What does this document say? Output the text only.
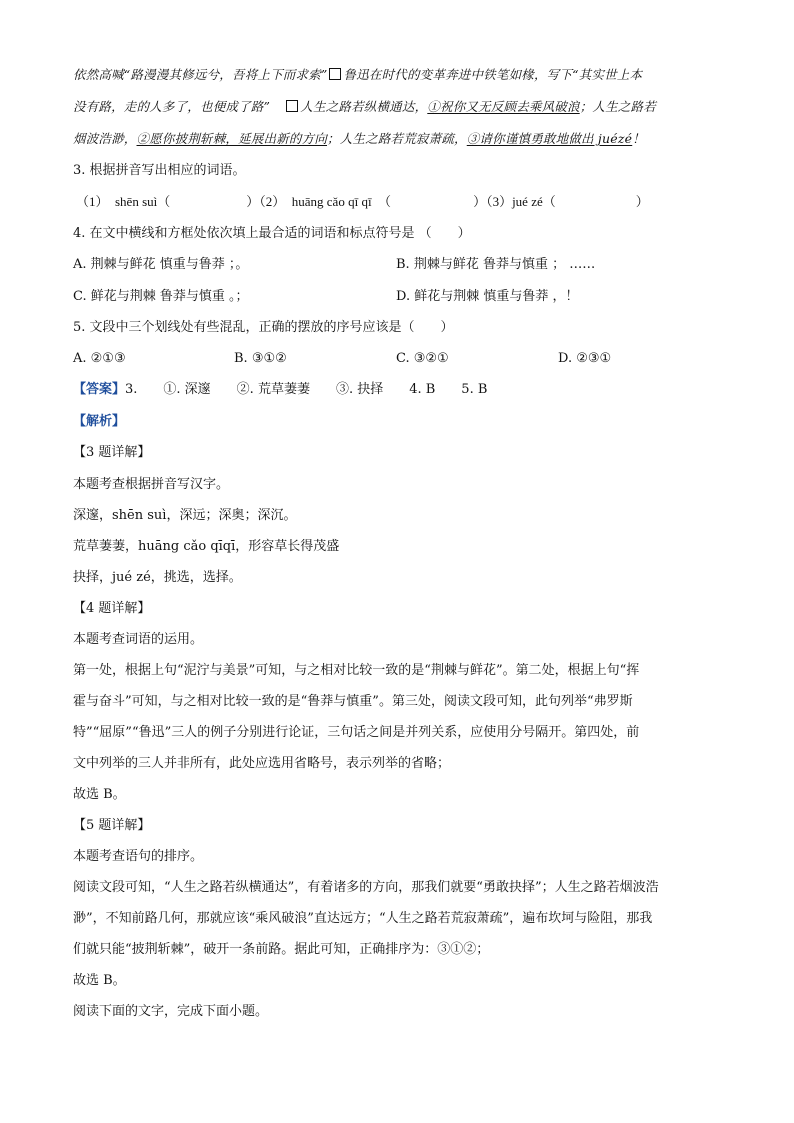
依然高喊“路漫漫其修远兮，吾将上下而求索” 鲁迅在时代的变革奔进中铁笔如椽，写下“其实世上本
没有路，走的人多了，也便成了路” 人生之路若纵横通达，①祝你又无反顾去乘风破浪；人生之路若
烟波浩渺，②愿你披荆斩棘，延展出新的方向；人生之路若荒寂萧疏，③请你谨慎勇敢地做出 juézé！
3. 根据拼音写出相应的词语。
（1）　shēn suì（	）（2）　huāng cǎo qī qī　（	）（3）jué zé（	）
4. 在文中横线和方框处依次填上最合适的词语和标点符号是 （　　）
A. 荆棘与鲜花 慎重与鲁莽 ；。	B. 荆棘与鲜花 鲁莽与慎重 ； ……
C. 鲜花与荆棘 鲁莽与慎重 。；	D. 鲜花与荆棘 慎重与鲁莽 ，！
5. 文段中三个划线处有些混乱，正确的摆放的序号应该是（　　）
A. ②①③	B. ③①②	C. ③②①	D. ②③①
【答案】3.　　①. 深邃　　②. 荒草萋萋　　③. 抉择　　4. B　　5. B
【解析】
【3 题详解】
本题考查根据拼音写汉字。
深邃，shēn suì，深远；深奥；深沉。
荒草萋萋，huāng cǎo qīqī，形容草长得茂盛
抉择，jué zé，挑选，选择。
【4 题详解】
本题考查词语的运用。
第一处，根据上句“泥泞与美景”可知，与之相对比较一致的是“荆棘与鲜花”。第二处，根据上句“挥
霍与奋斗”可知，与之相对比较一致的是“鲁莽与慎重”。第三处，阅读文段可知，此句列举“弗罗斯
特”“屈原”“鲁迅”三人的例子分别进行论证，三句话之间是并列关系，应使用分号隔开。第四处，前
文中列举的三人并非所有，此处应选用省略号，表示列举的省略；
故选 B。
【5 题详解】
本题考查语句的排序。
阅读文段可知，“人生之路若纵横通达”，有着诸多的方向，那我们就要“勇敢抉择”；人生之路若烟波浩
渺”，不知前路几何，那就应该“乘风破浪”直达远方；“人生之路若荒寂萧疏”，遍布坎坷与险阻，那我
们就只能“披荆斩棘”，破开一条前路。据此可知，正确排序为：③①②；
故选 B。
阅读下面的文字，完成下面小题。
